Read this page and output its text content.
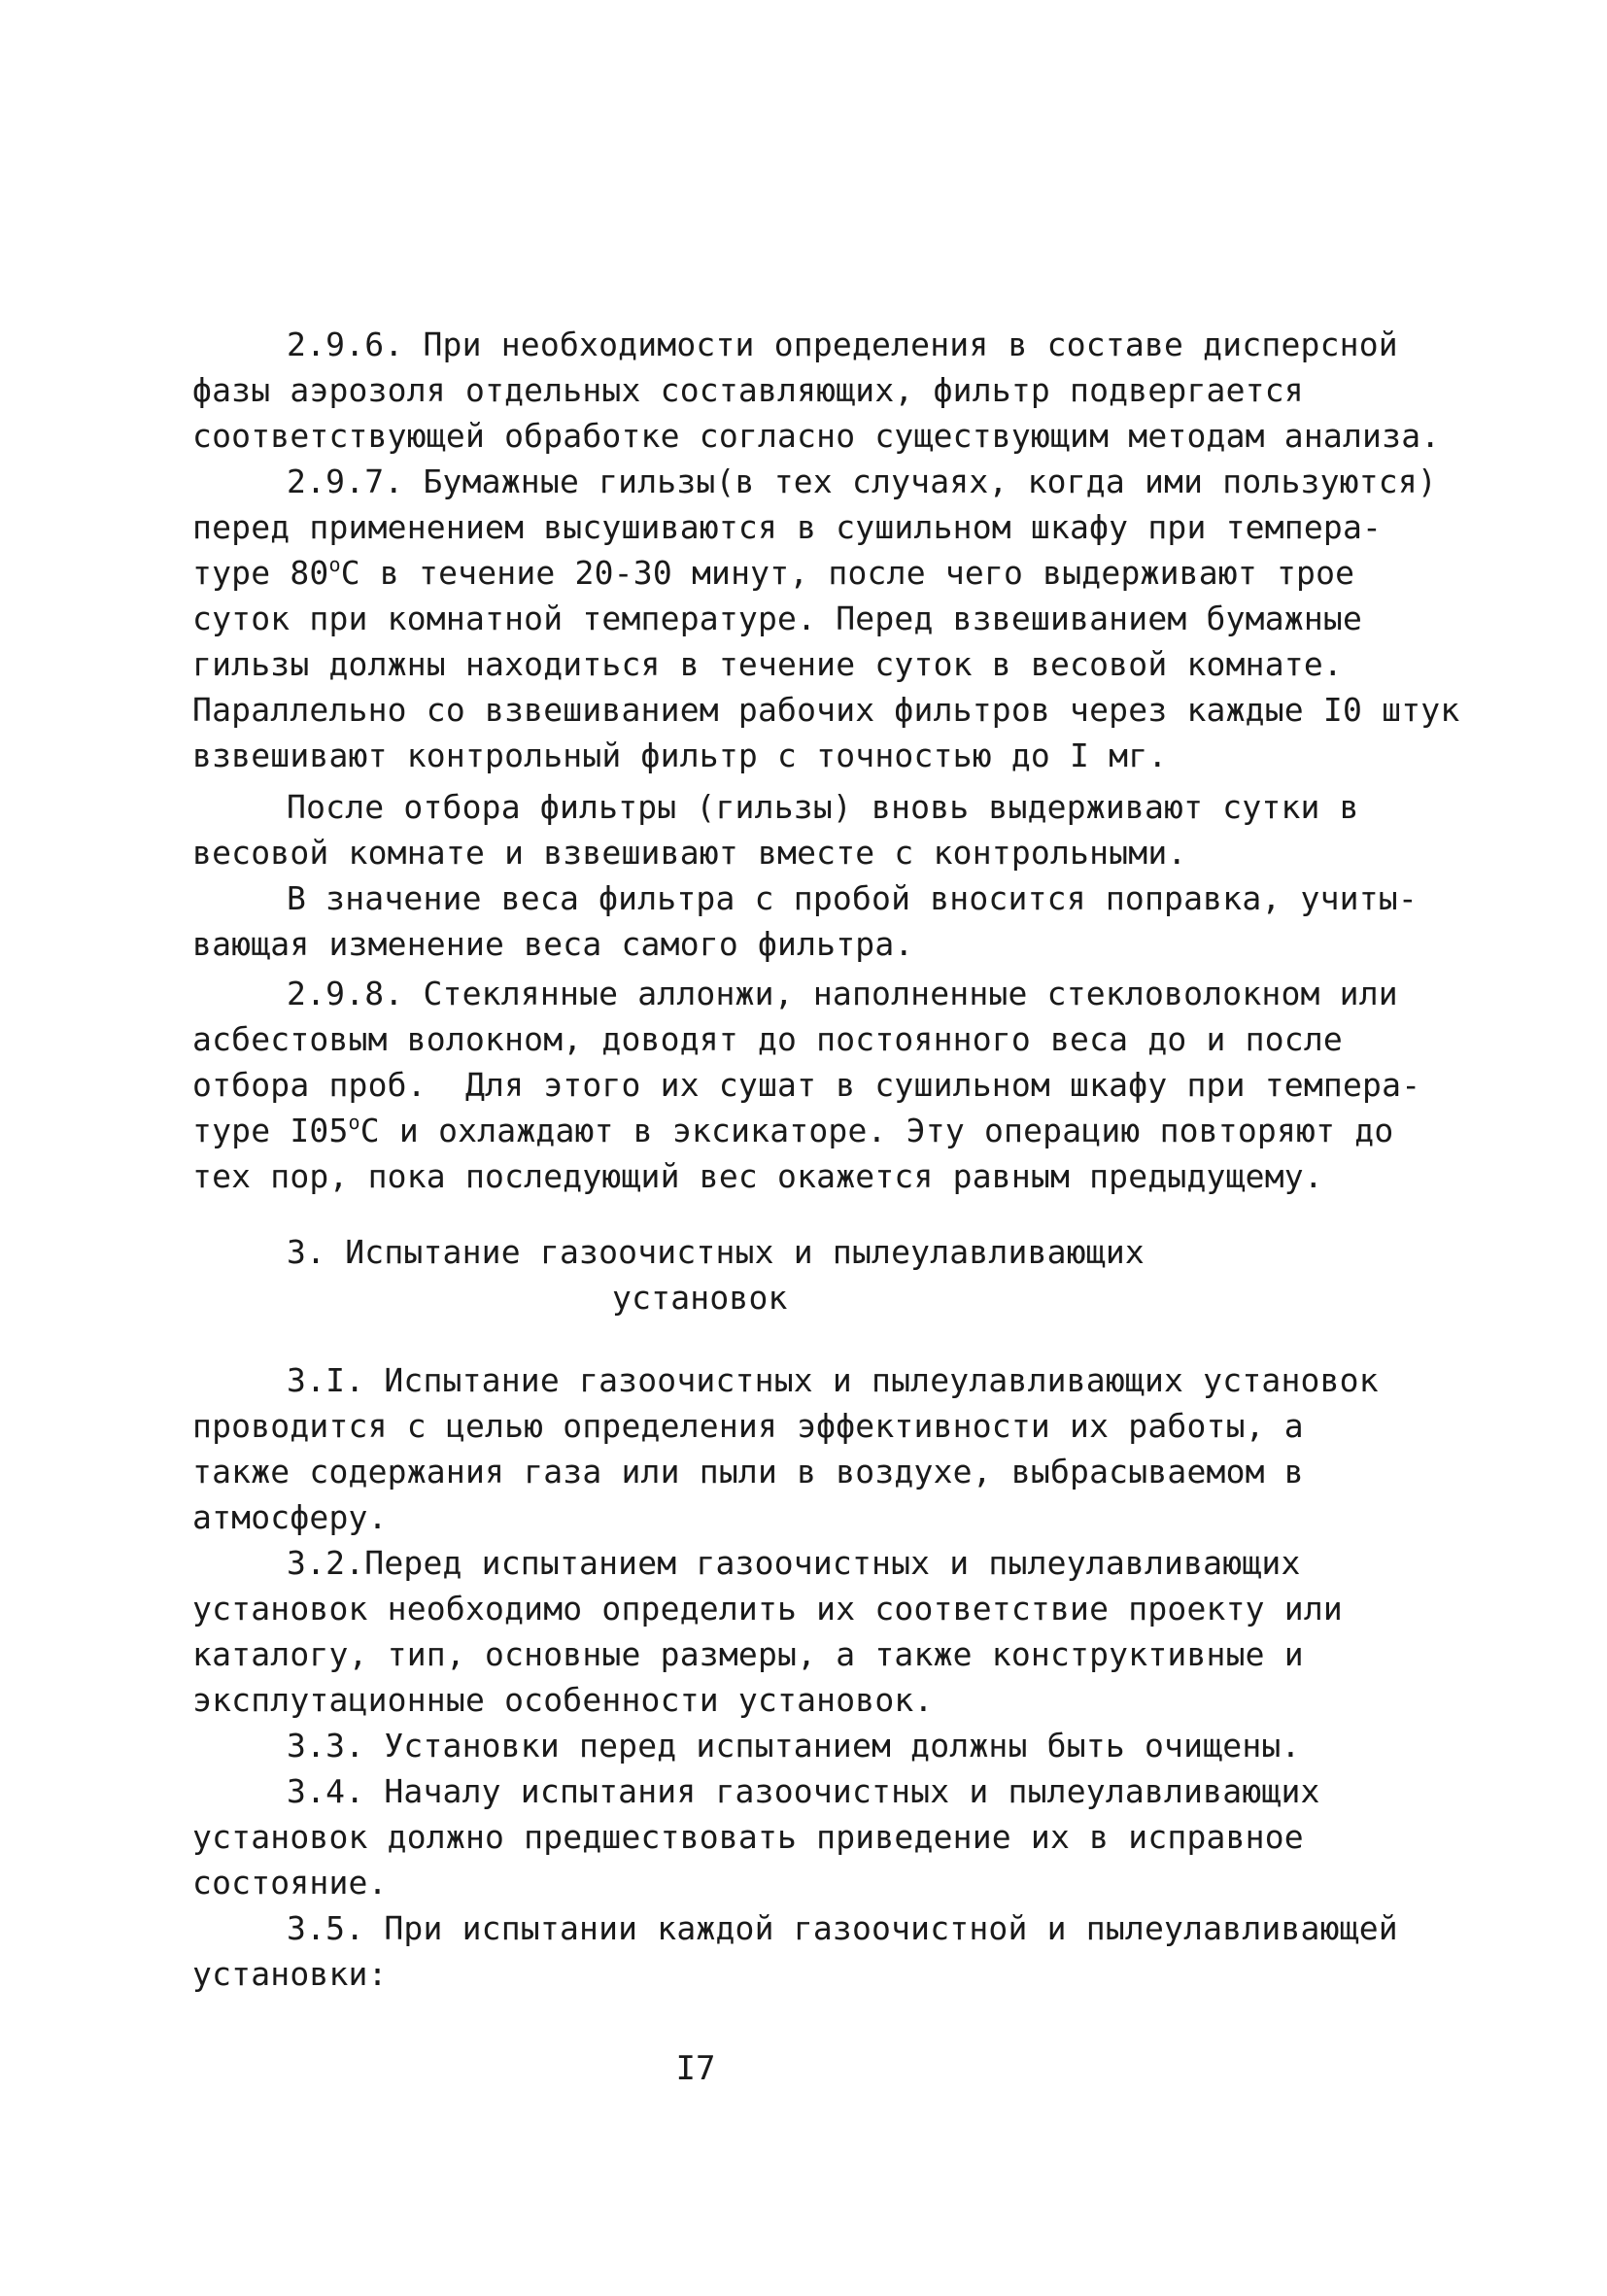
2.9.6. При необходимости определения в составе дисперсной
фазы аэрозоля отдельных составляющих, фильтр подвергается
соответствующей обработке согласно существующим методам анализа.
2.9.7. Бумажные гильзы(в тех случаях, когда ими пользуются)
перед применением высушиваются в сушильном шкафу при темпера-
туре $80^оС$ в течение 20-30 минут, после чего выдерживают трое
суток при комнатной температуре. Перед взвешиванием бумажные
гильзы должны находиться в течение суток в весовой комнате.
Параллельно со взвешиванием рабочих фильтров через каждые I0 штук
взвешивают контрольный фильтр с точностью до I мг.
После отбора фильтры (гильзы) вновь выдерживают сутки в
весовой комнате и взвешивают вместе с контрольными.
В значение веса фильтра с пробой вносится поправка, учиты-
вающая изменение веса самого фильтра.
2.9.8. Стеклянные аллонжи, наполненные стекловолокном или
асбестовым волокном, доводят до постоянного веса до и после
отбора проб.  Для этого их сушат в сушильном шкафу при темпера-
туре $I05^оС$ и охлаждают в эксикаторе. Эту операцию повторяют до
тех пор, пока последующий вес окажется равным предыдущему.
3. Испытание газоочистных и пылеулавливающих
установок
3.I. Испытание газоочистных и пылеулавливающих установок
проводится с целью определения эффективности их работы, а
также содержания газа или пыли в воздухе, выбрасываемом в
атмосферу.
3.2.Перед испытанием газоочистных и пылеулавливающих
установок необходимо определить их соответствие проекту или
каталогу, тип, основные размеры, а также конструктивные и
эксплутационные особенности установок.
3.3. Установки перед испытанием должны быть очищены.
3.4. Началу испытания газоочистных и пылеулавливающих
установок должно предшествовать приведение их в исправное
состояние.
3.5. При испытании каждой газоочистной и пылеулавливающей
установки:
I7
